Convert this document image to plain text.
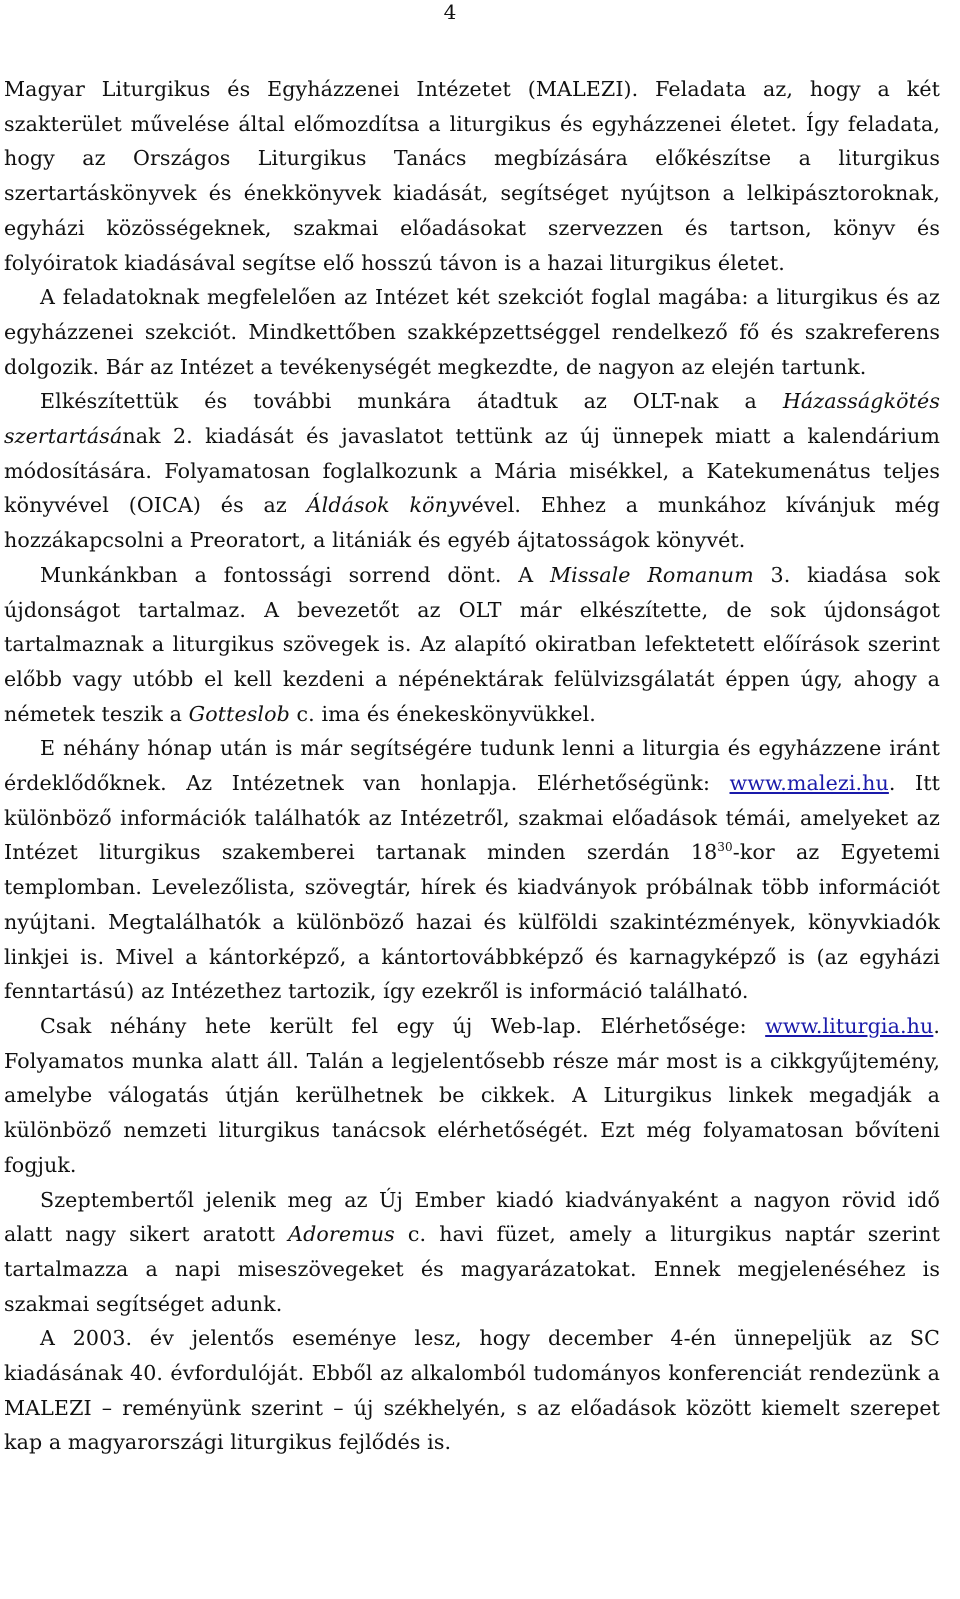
4

Magyar Liturgikus és Egyházzenei Intézetet (MALEZI). Feladata az, hogy a két szakterület művelése által előmozdítsa a liturgikus és egyházzenei életet. Így feladata, hogy az Országos Liturgikus Tanács megbízására előkészítse a liturgikus szertartáskönyvek és énekkönyvek kiadását, segítséget nyújtson a lelkipásztoroknak, egyházi közösségeknek, szakmai előadásokat szervezzen és tartson, könyv és folyóiratok kiadásával segítse elő hosszú távon is a hazai liturgikus életet.

A feladatoknak megfelelően az Intézet két szekciót foglal magába: a liturgikus és az egyházzenei szekciót. Mindkettőben szakképzettséggel rendelkező fő és szakreferens dolgozik. Bár az Intézet a tevékenységét megkezdte, de nagyon az elején tartunk.

Elkészítettük és további munkára átadtuk az OLT-nak a Házasságkötés szertartásának 2. kiadását és javaslatot tettünk az új ünnepek miatt a kalendárium módosítására. Folyamatosan foglalkozunk a Mária misékkel, a Katekumenátus teljes könyvével (OICA) és az Áldások könyvével. Ehhez a munkához kívánjuk még hozzákapcsolni a Preoratort, a litániák és egyéb ájtatosságok könyvét.

Munkánkban a fontossági sorrend dönt. A Missale Romanum 3. kiadása sok újdonságot tartalmaz. A bevezetőt az OLT már elkészítette, de sok újdonságot tartalmaznak a liturgikus szövegek is. Az alapító okiratban lefektetett előírások szerint előbb vagy utóbb el kell kezdeni a népénektárak felülvizsgálatát éppen úgy, ahogy a németek teszik a Gotteslob c. ima és énekeskönyvükkel.

E néhány hónap után is már segítségére tudunk lenni a liturgia és egyházzene iránt érdeklődőknek. Az Intézetnek van honlapja. Elérhetőségünk: www.malezi.hu. Itt különböző információk találhatók az Intézetről, szakmai előadások témái, amelyeket az Intézet liturgikus szakemberei tartanak minden szerdán $18^{30}$-kor az Egyetemi templomban. Levelezőlista, szövegtár, hírek és kiadványok próbálnak több információt nyújtani. Megtalálhatók a különböző hazai és külföldi szakintézmények, könyvkiadók linkjei is. Mivel a kántorképző, a kántortovábbképző és karnagyképző is (az egyházi fenntartású) az Intézethez tartozik, így ezekről is információ található.

Csak néhány hete került fel egy új Web-lap. Elérhetősége: www.liturgia.hu. Folyamatos munka alatt áll. Talán a legjelentősebb része már most is a cikkgyűjtemény, amelybe válogatás útján kerülhetnek be cikkek. A Liturgikus linkek megadják a különböző nemzeti liturgikus tanácsok elérhetőségét. Ezt még folyamatosan bővíteni fogjuk.

Szeptembertől jelenik meg az Új Ember kiadó kiadványaként a nagyon rövid idő alatt nagy sikert aratott Adoremus c. havi füzet, amely a liturgikus naptár szerint tartalmazza a napi miseszövegeket és magyarázatokat. Ennek megjelenéséhez is szakmai segítséget adunk.

A 2003. év jelentős eseménye lesz, hogy december 4-én ünnepeljük az SC kiadásának 40. évfordulóját. Ebből az alkalomból tudományos konferenciát rendezünk a MALEZI – reményünk szerint – új székhelyén, s az előadások között kiemelt szerepet kap a magyarországi liturgikus fejlődés is.
